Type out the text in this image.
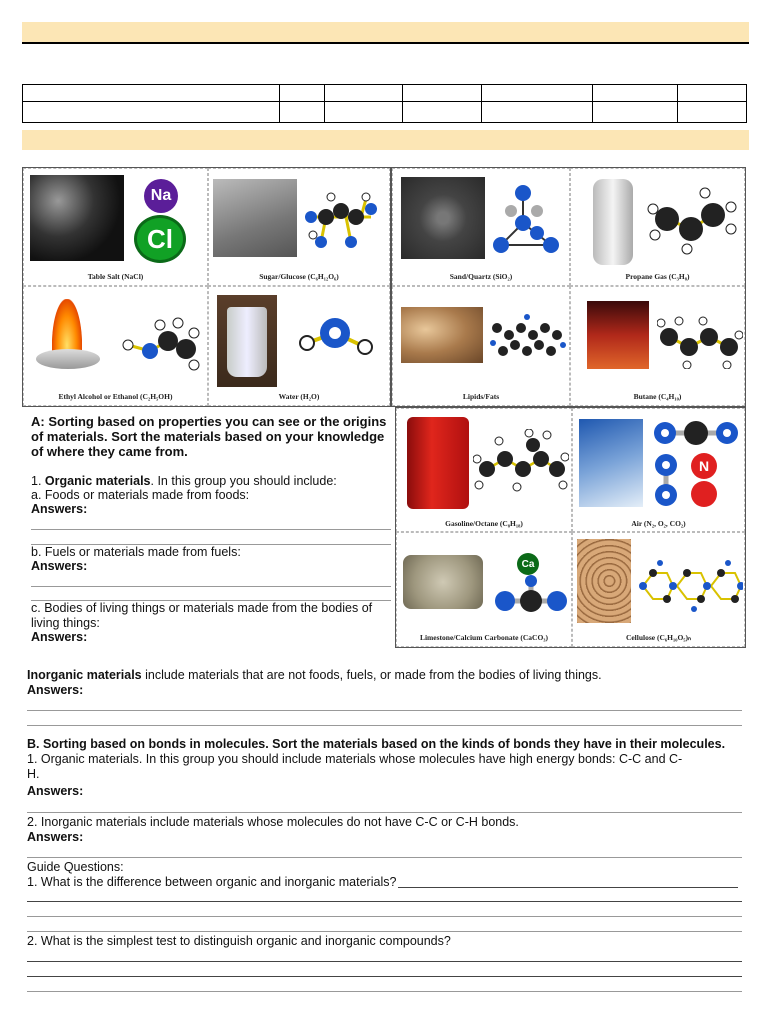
Na
Cl
Table Salt (NaCl)	Sugar/Glucose (C₆H₁₂O₆)
Ethyl Alcohol or Ethanol (C₂H₅OH)	Water (H₂O)
Sand/Quartz (SiO₂)	Propane Gas (C₃H₈)
Lipids/Fats	Butane (C₄H₁₀)
Gasoline/Octane (C₈H₁₈)
N
Air (N₂, O₂, CO₂)
Ca
Limestone/Calcium Carbonate (CaCO₃)	Cellulose (C₆H₁₀O₅)ₙ
A: Sorting based on properties you can see or the origins of materials. Sort the materials based on your knowledge of where they came from.
1. Organic materials. In this group you should include:
a. Foods or materials made from foods:
Answers:
b. Fuels or materials made from fuels:
Answers:
c. Bodies of living things or materials made from the bodies of living things:
Answers:
Inorganic materials include materials that are not foods, fuels, or made from the bodies of living things.
Answers:
B. Sorting based on bonds in molecules. Sort the materials based on the kinds of bonds they have in their molecules.
1. Organic materials. In this group you should include materials whose molecules have high energy bonds: C-C and C-H.
Answers:
2. Inorganic materials include materials whose molecules do not have C-C or C-H bonds.
Answers:
Guide Questions:
1. What is the difference between organic and inorganic materials?
2. What is the simplest test to distinguish organic and inorganic compounds?
